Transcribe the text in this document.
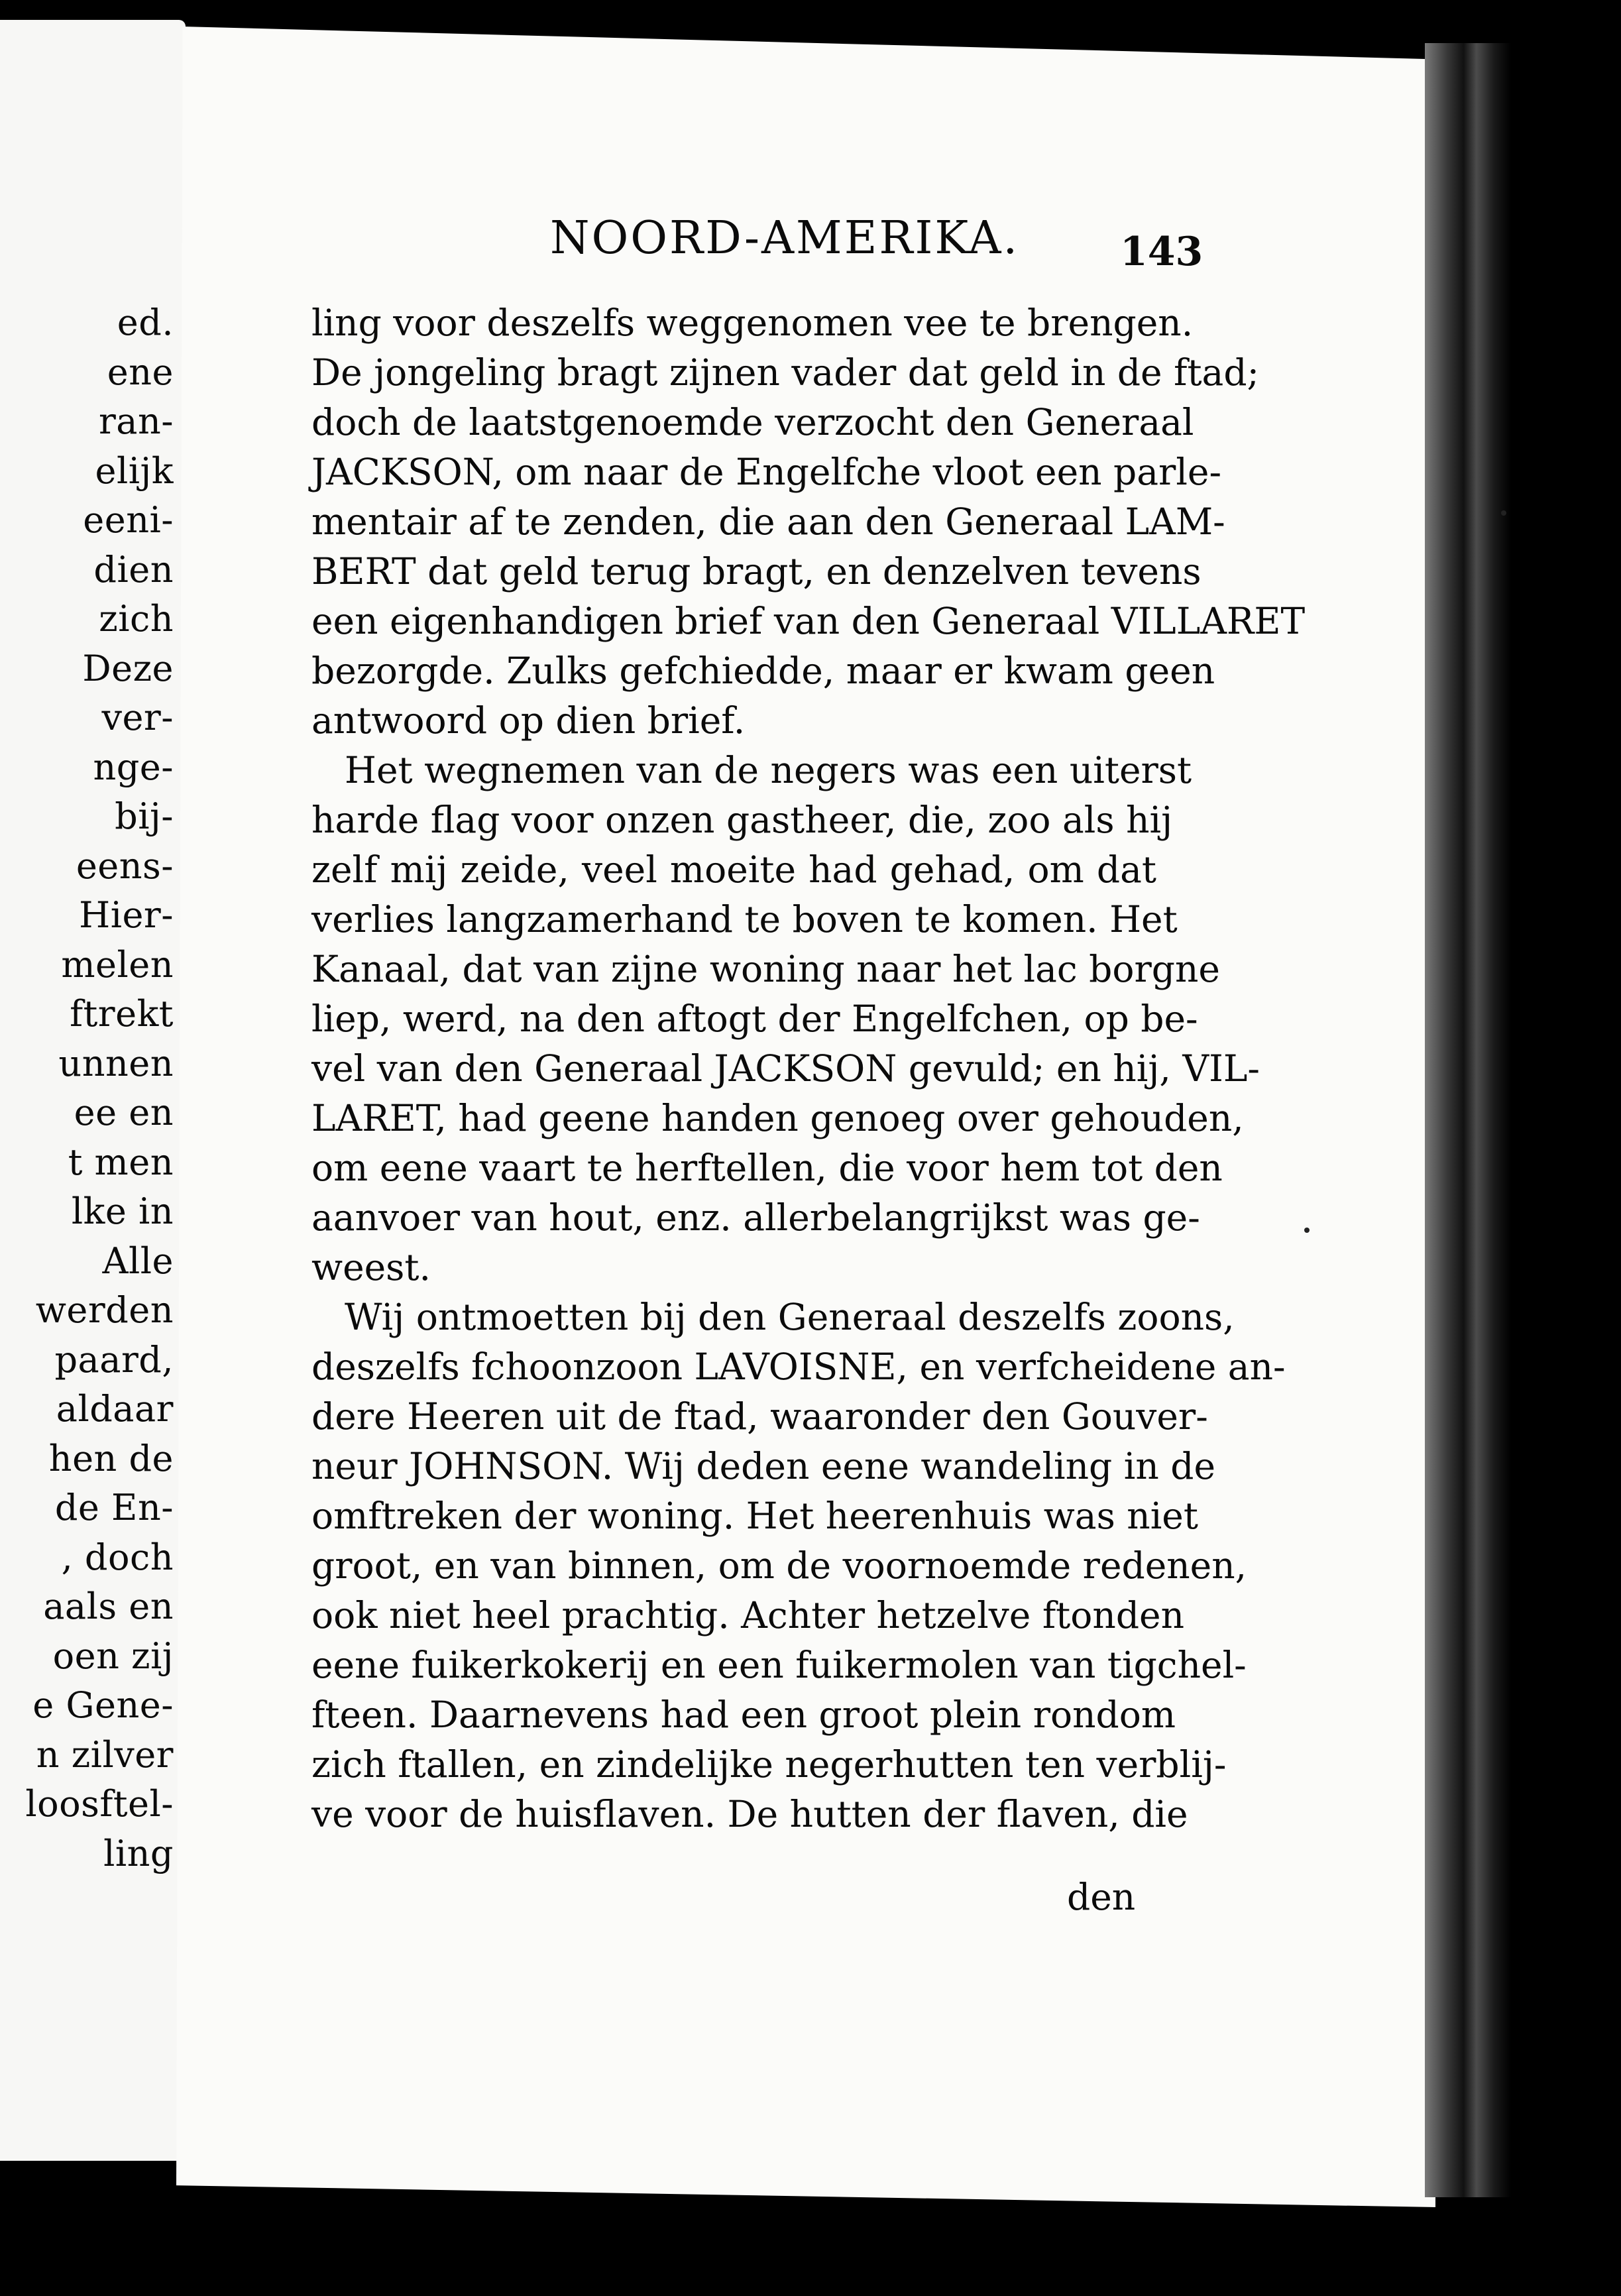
ed.
ene
ran-
elijk
eeni-
dien
zich
Deze
ver-
nge-
bij-
eens-
Hier-
melen
ftrekt
unnen
ee en
t men
lke in
Alle
werden
paard,
aldaar
hen de
de En-
, doch
aals en
oen zij
e Gene-
n zilver
loosftel-
ling
NOORD-AMERIKA.	143
ling voor deszelfs weggenomen vee te brengen.
De jongeling bragt zijnen vader dat geld in de ftad;
doch de laatstgenoemde verzocht den Generaal
JACKSON, om naar de Engelfche vloot een parle-
mentair af te zenden, die aan den Generaal LAM-
BERT dat geld terug bragt, en denzelven tevens
een eigenhandigen brief van den Generaal VILLARET
bezorgde. Zulks gefchiedde, maar er kwam geen
antwoord op dien brief.
Het wegnemen van de negers was een uiterst
harde flag voor onzen gastheer, die, zoo als hij
zelf mij zeide, veel moeite had gehad, om dat
verlies langzamerhand te boven te komen. Het
Kanaal, dat van zijne woning naar het lac borgne
liep, werd, na den aftogt der Engelfchen, op be-
vel van den Generaal JACKSON gevuld; en hij, VIL-
LARET, had geene handen genoeg over gehouden,
om eene vaart te herftellen, die voor hem tot den
aanvoer van hout, enz. allerbelangrijkst was ge-
weest.
Wij ontmoetten bij den Generaal deszelfs zoons,
deszelfs fchoonzoon LAVOISNE, en verfcheidene an-
dere Heeren uit de ftad, waaronder den Gouver-
neur JOHNSON. Wij deden eene wandeling in de
omftreken der woning. Het heerenhuis was niet
groot, en van binnen, om de voornoemde redenen,
ook niet heel prachtig. Achter hetzelve ftonden
eene fuikerkokerij en een fuikermolen van tigchel-
fteen. Daarnevens had een groot plein rondom
zich ftallen, en zindelijke negerhutten ten verblij-
ve voor de huisflaven. De hutten der flaven, die
den
